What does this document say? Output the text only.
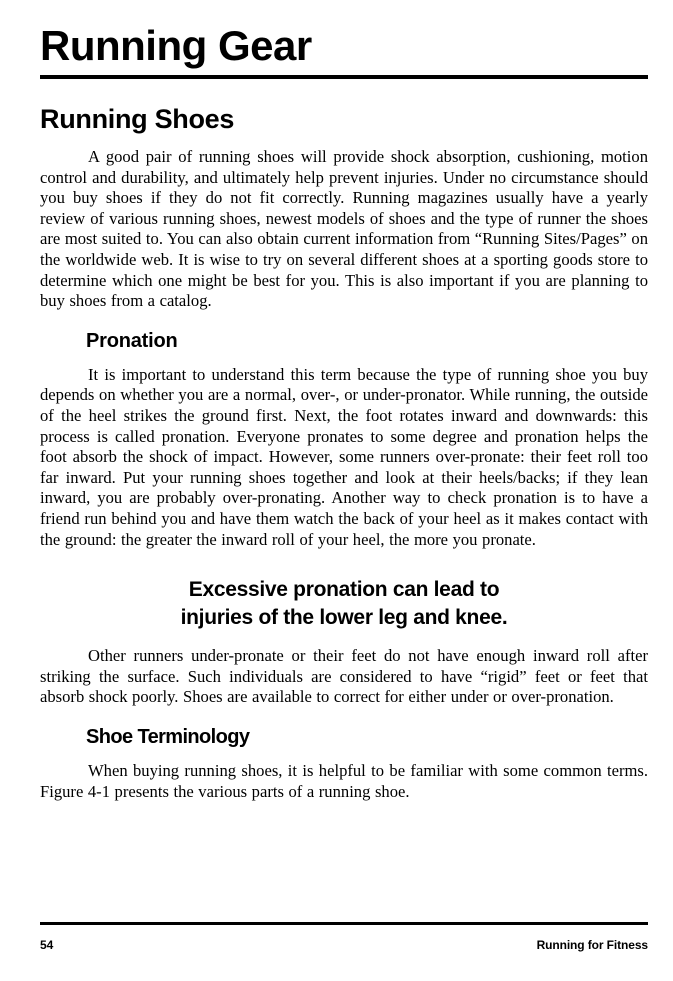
Running Gear
Running Shoes

A good pair of running shoes will provide shock absorption, cushioning, motion control and durability, and ultimately help prevent injuries. Under no circumstance should you buy shoes if they do not fit correctly. Running magazines usually have a yearly review of various running shoes, newest models of shoes and the type of runner the shoes are most suited to. You can also obtain current information from “Running Sites/Pages” on the worldwide web. It is wise to try on several different shoes at a sporting goods store to determine which one might be best for you. This is also important if you are planning to buy shoes from a catalog.

Pronation

It is important to understand this term because the type of running shoe you buy depends on whether you are a normal, over-, or under-pronator. While running, the outside of the heel strikes the ground first. Next, the foot rotates inward and downwards: this process is called pronation. Everyone pronates to some degree and pronation helps the foot absorb the shock of impact. However, some runners over-pronate: their feet roll too far inward. Put your running shoes together and look at their heels/backs; if they lean inward, you are probably over-pronating. Another way to check pronation is to have a friend run behind you and have them watch the back of your heel as it makes contact with the ground: the greater the inward roll of your heel, the more you pronate.

Excessive pronation can lead to
injuries of the lower leg and knee.

Other runners under-pronate or their feet do not have enough inward roll after striking the surface. Such individuals are considered to have “rigid” feet or feet that absorb shock poorly. Shoes are available to correct for either under or over-pronation.

Shoe Terminology

When buying running shoes, it is helpful to be familiar with some common terms. Figure 4-1 presents the various parts of a running shoe.

54	Running for Fitness
